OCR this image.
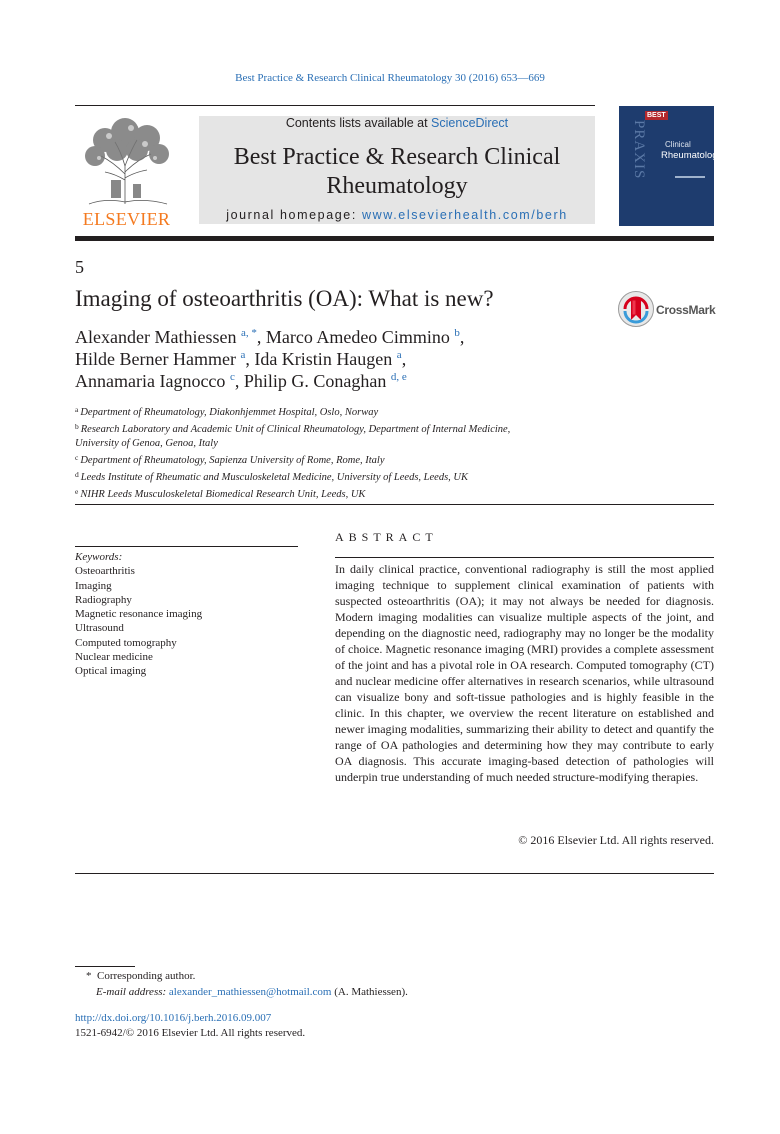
Best Practice & Research Clinical Rheumatology 30 (2016) 653—669
ELSEVIER
Contents lists available at ScienceDirect
Best Practice & Research Clinical
Rheumatology
journal homepage: www.elsevierhealth.com/berh
PRAXIS
BEST
Clinical
Rheumatology
5
Imaging of osteoarthritis (OA): What is new?	CrossMark
Alexander Mathiessen $^{a, *}$, Marco Amedeo Cimmino $^b$,
Hilde Berner Hammer $^a$, Ida Kristin Haugen $^a$,
Annamaria Iagnocco $^c$, Philip G. Conaghan $^{d, e}$
$^a$ Department of Rheumatology, Diakonhjemmet Hospital, Oslo, Norway
$^b$ Research Laboratory and Academic Unit of Clinical Rheumatology, Department of Internal Medicine,
University of Genoa, Genoa, Italy
$^c$ Department of Rheumatology, Sapienza University of Rome, Rome, Italy
$^d$ Leeds Institute of Rheumatic and Musculoskeletal Medicine, University of Leeds, Leeds, UK
$^e$ NIHR Leeds Musculoskeletal Biomedical Research Unit, Leeds, UK
ABSTRACT
Keywords:
Osteoarthritis
Imaging
Radiography
Magnetic resonance imaging
Ultrasound
Computed tomography
Nuclear medicine
Optical imaging
In daily clinical practice, conventional radiography is still the most applied imaging technique to supplement clinical examination of patients with suspected osteoarthritis (OA); it may not always be needed for diagnosis. Modern imaging modalities can visualize multiple aspects of the joint, and depending on the diagnostic need, radiography may no longer be the modality of choice. Magnetic resonance imaging (MRI) provides a complete assessment of the joint and has a pivotal role in OA research. Computed tomography (CT) and nuclear medicine offer alternatives in research scenarios, while ultrasound can visualize bony and soft-tissue pathologies and is highly feasible in the clinic. In this chapter, we overview the recent literature on established and newer imaging modalities, summarizing their ability to detect and quantify the range of OA pathologies and determining how they may contribute to early OA diagnosis. This accurate imaging-based detection of pathologies will underpin true understanding of much needed structure-modifying therapies.
© 2016 Elsevier Ltd. All rights reserved.
* Corresponding author.
E-mail address: alexander_mathiessen@hotmail.com (A. Mathiessen).
http://dx.doi.org/10.1016/j.berh.2016.09.007
1521-6942/© 2016 Elsevier Ltd. All rights reserved.
